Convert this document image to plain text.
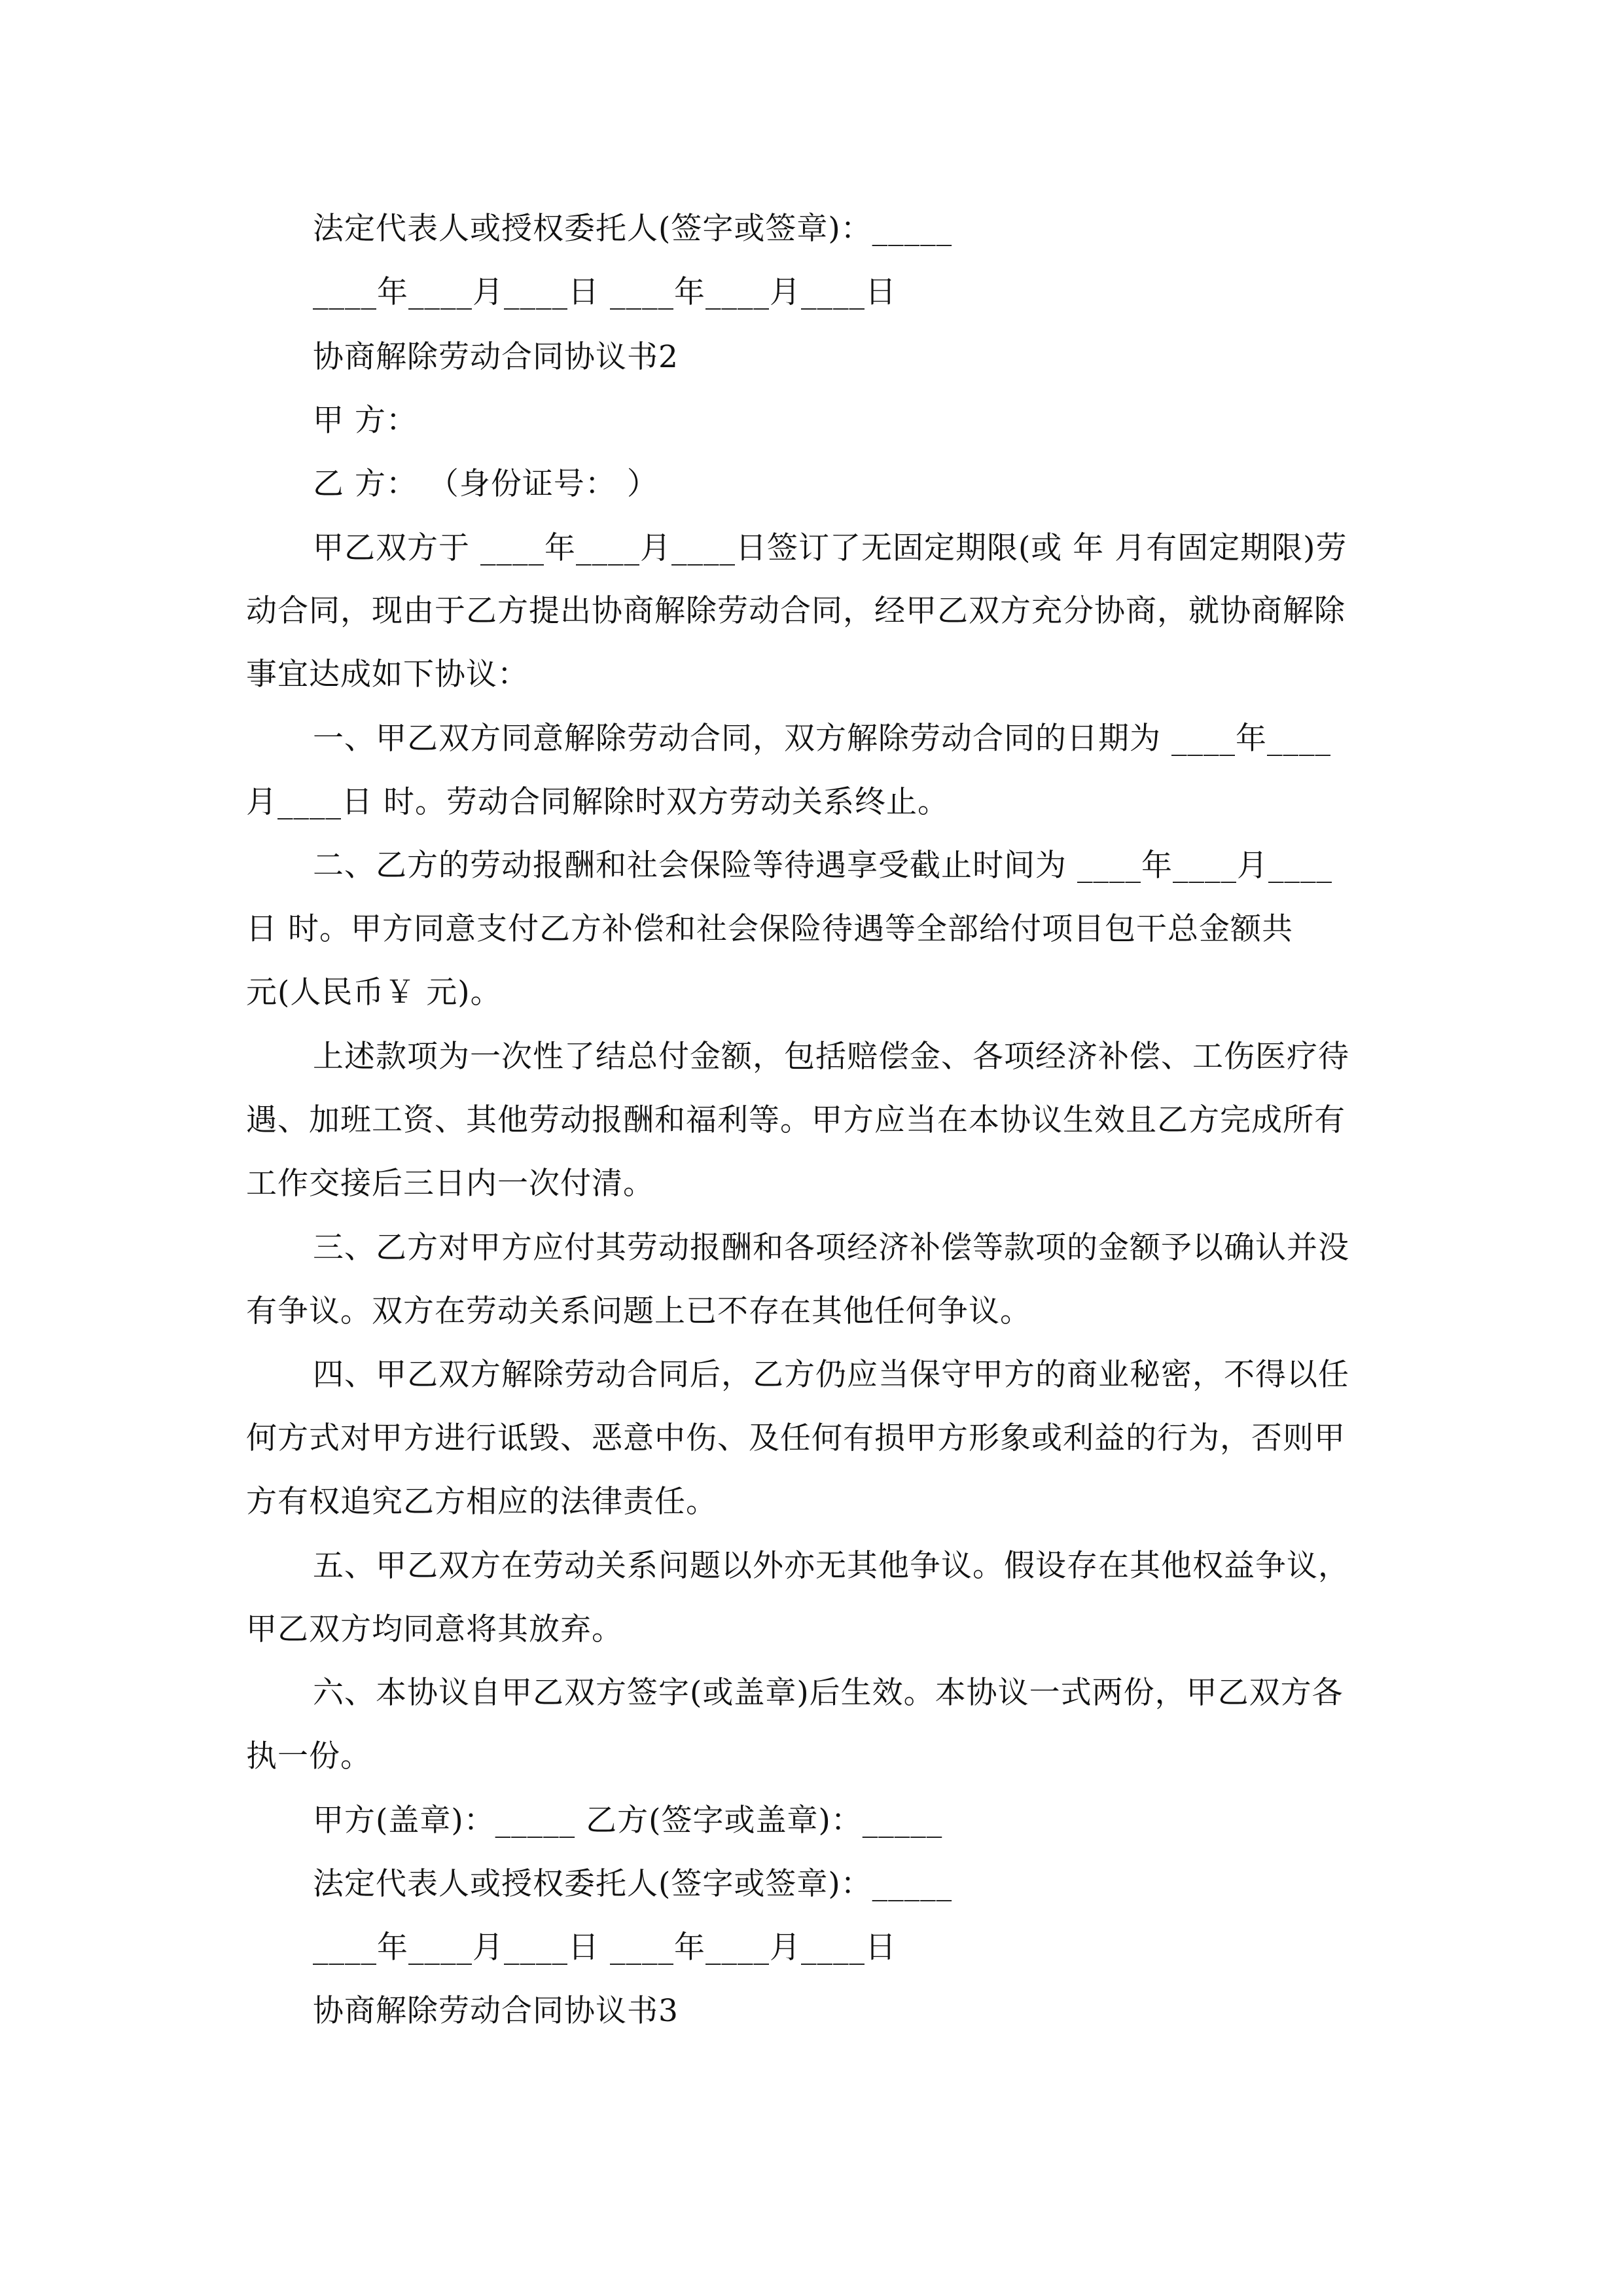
法定代表人或授权委托人(签字或签章)：_____
____年____月____日 ____年____月____日
协商解除劳动合同协议书2
甲 方：
乙 方： （身份证号： ）
甲乙双方于 ____年____月____日签订了无固定期限(或 年 月有固定期限)劳
动合同，现由于乙方提出协商解除劳动合同，经甲乙双方充分协商，就协商解除
事宜达成如下协议：
一、甲乙双方同意解除劳动合同，双方解除劳动合同的日期为 ____年____
月____日 时。劳动合同解除时双方劳动关系终止。
二、乙方的劳动报酬和社会保险等待遇享受截止时间为 ____年____月____
日 时。甲方同意支付乙方补偿和社会保险待遇等全部给付项目包干总金额共
元(人民币￥ 元)。
上述款项为一次性了结总付金额，包括赔偿金、各项经济补偿、工伤医疗待
遇、加班工资、其他劳动报酬和福利等。甲方应当在本协议生效且乙方完成所有
工作交接后三日内一次付清。
三、乙方对甲方应付其劳动报酬和各项经济补偿等款项的金额予以确认并没
有争议。双方在劳动关系问题上已不存在其他任何争议。
四、甲乙双方解除劳动合同后，乙方仍应当保守甲方的商业秘密，不得以任
何方式对甲方进行诋毁、恶意中伤、及任何有损甲方形象或利益的行为，否则甲
方有权追究乙方相应的法律责任。
五、甲乙双方在劳动关系问题以外亦无其他争议。假设存在其他权益争议，
甲乙双方均同意将其放弃。
六、本协议自甲乙双方签字(或盖章)后生效。本协议一式两份，甲乙双方各
执一份。
甲方(盖章)：_____ 乙方(签字或盖章)：_____
法定代表人或授权委托人(签字或签章)：_____
____年____月____日 ____年____月____日
协商解除劳动合同协议书3
